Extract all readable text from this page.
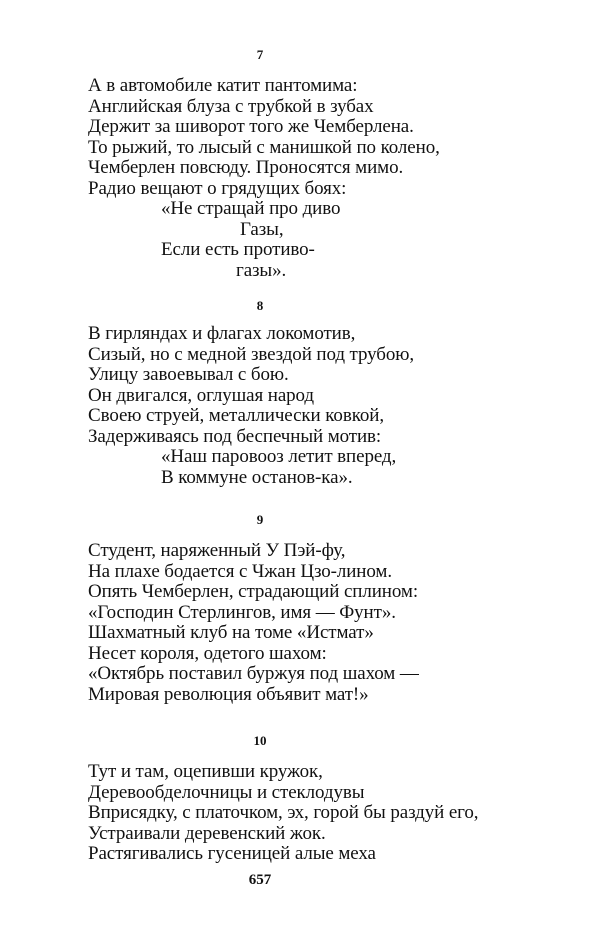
7
А в автомобиле катит пантомима:
Английская блуза с трубкой в зубах
Держит за шиворот того же Чемберлена.
То рыжий, то лысый с манишкой по колено,
Чемберлен повсюду. Проносятся мимо.
Радио вещают о грядущих боях:
«Не стращай про диво
Газы,
Если есть противо-
газы».
8
В гирляндах и флагах локомотив,
Сизый, но с медной звездой под трубою,
Улицу завоевывал с бою.
Он двигался, оглушая народ
Своею струей, металлически ковкой,
Задерживаясь под беспечный мотив:
«Наш паровооз летит вперед,
В коммуне останов-ка».
9
Студент, наряженный У Пэй-фу,
На плахе бодается с Чжан Цзо-лином.
Опять Чемберлен, страдающий сплином:
«Господин Стерлингов, имя — Фунт».
Шахматный клуб на томе «Истмат»
Несет короля, одетого шахом:
«Октябрь поставил буржуя под шахом —
Мировая революция объявит мат!»
10
Тут и там, оцепивши кружок,
Деревообделочницы и стеклодувы
Вприсядку, с платочком, эх, горой бы раздуй его,
Устраивали деревенский жок.
Растягивались гусеницей алые меха
657
